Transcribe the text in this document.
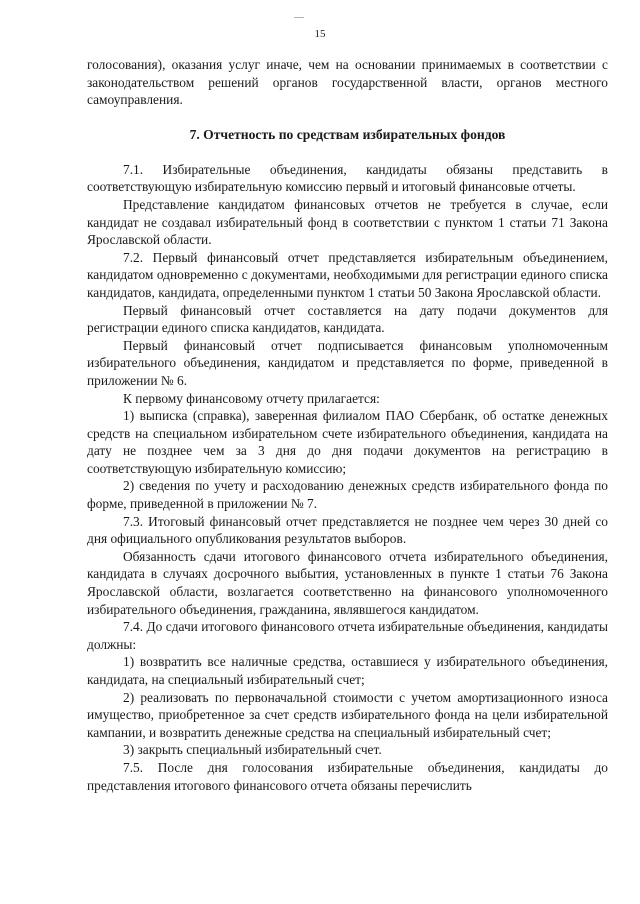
15

голосования), оказания услуг иначе, чем на основании принимаемых в соответствии с законодательством решений органов государственной власти, органов местного самоуправления.

7. Отчетность по средствам избирательных фондов

7.1. Избирательные объединения, кандидаты обязаны представить в соответствующую избирательную комиссию первый и итоговый финансовые отчеты.

Представление кандидатом финансовых отчетов не требуется в случае, если кандидат не создавал избирательный фонд в соответствии с пунктом 1 статьи 71 Закона Ярославской области.

7.2. Первый финансовый отчет представляется избирательным объединением, кандидатом одновременно с документами, необходимыми для регистрации единого списка кандидатов, кандидата, определенными пунктом 1 статьи 50 Закона Ярославской области.

Первый финансовый отчет составляется на дату подачи документов для регистрации единого списка кандидатов, кандидата.

Первый финансовый отчет подписывается финансовым уполномоченным избирательного объединения, кандидатом и представляется по форме, приведенной в приложении № 6.

К первому финансовому отчету прилагается:

1) выписка (справка), заверенная филиалом ПАО Сбербанк, об остатке денежных средств на специальном избирательном счете избирательного объединения, кандидата на дату не позднее чем за 3 дня до дня подачи документов на регистрацию в соответствующую избирательную комиссию;

2) сведения по учету и расходованию денежных средств избирательного фонда по форме, приведенной в приложении № 7.

7.3. Итоговый финансовый отчет представляется не позднее чем через 30 дней со дня официального опубликования результатов выборов.

Обязанность сдачи итогового финансового отчета избирательного объединения, кандидата в случаях досрочного выбытия, установленных в пункте 1 статьи 76 Закона Ярославской области, возлагается соответственно на финансового уполномоченного избирательного объединения, гражданина, являвшегося кандидатом.

7.4. До сдачи итогового финансового отчета избирательные объединения, кандидаты должны:

1) возвратить все наличные средства, оставшиеся у избирательного объединения, кандидата, на специальный избирательный счет;

2) реализовать по первоначальной стоимости с учетом амортизационного износа имущество, приобретенное за счет средств избирательного фонда на цели избирательной кампании, и возвратить денежные средства на специальный избирательный счет;

3) закрыть специальный избирательный счет.

7.5. После дня голосования избирательные объединения, кандидаты до представления итогового финансового отчета обязаны перечислить
